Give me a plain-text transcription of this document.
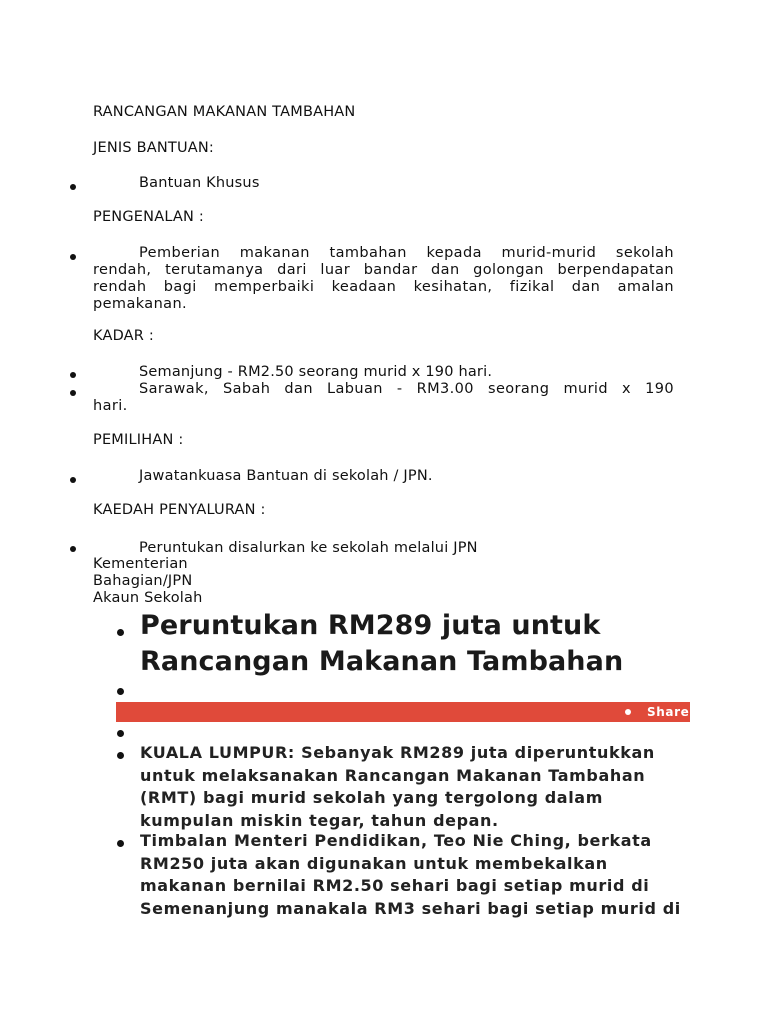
RANCANGAN MAKANAN TAMBAHAN
JENIS BANTUAN:
Bantuan Khusus
PENGENALAN :
Pemberian makanan tambahan kepada murid-murid sekolah
rendah, terutamanya dari luar bandar dan golongan berpendapatan
rendah bagi memperbaiki keadaan kesihatan, fizikal dan amalan
pemakanan.
KADAR :
Semanjung - RM2.50 seorang murid x 190 hari.
Sarawak, Sabah dan Labuan - RM3.00 seorang murid x 190
hari.
PEMILIHAN :
Jawatankuasa Bantuan di sekolah / JPN.
KAEDAH PENYALURAN :
Peruntukan disalurkan ke sekolah melalui JPN
Kementerian
Bahagian/JPN
Akaun Sekolah
Peruntukan RM289 juta untuk
Rancangan Makanan Tambahan
Share
KUALA LUMPUR: Sebanyak RM289 juta diperuntukkan
untuk melaksanakan Rancangan Makanan Tambahan
(RMT) bagi murid sekolah yang tergolong dalam
kumpulan miskin tegar, tahun depan.
Timbalan Menteri Pendidikan, Teo Nie Ching, berkata
RM250 juta akan digunakan untuk membekalkan
makanan bernilai RM2.50 sehari bagi setiap murid di
Semenanjung manakala RM3 sehari bagi setiap murid di
